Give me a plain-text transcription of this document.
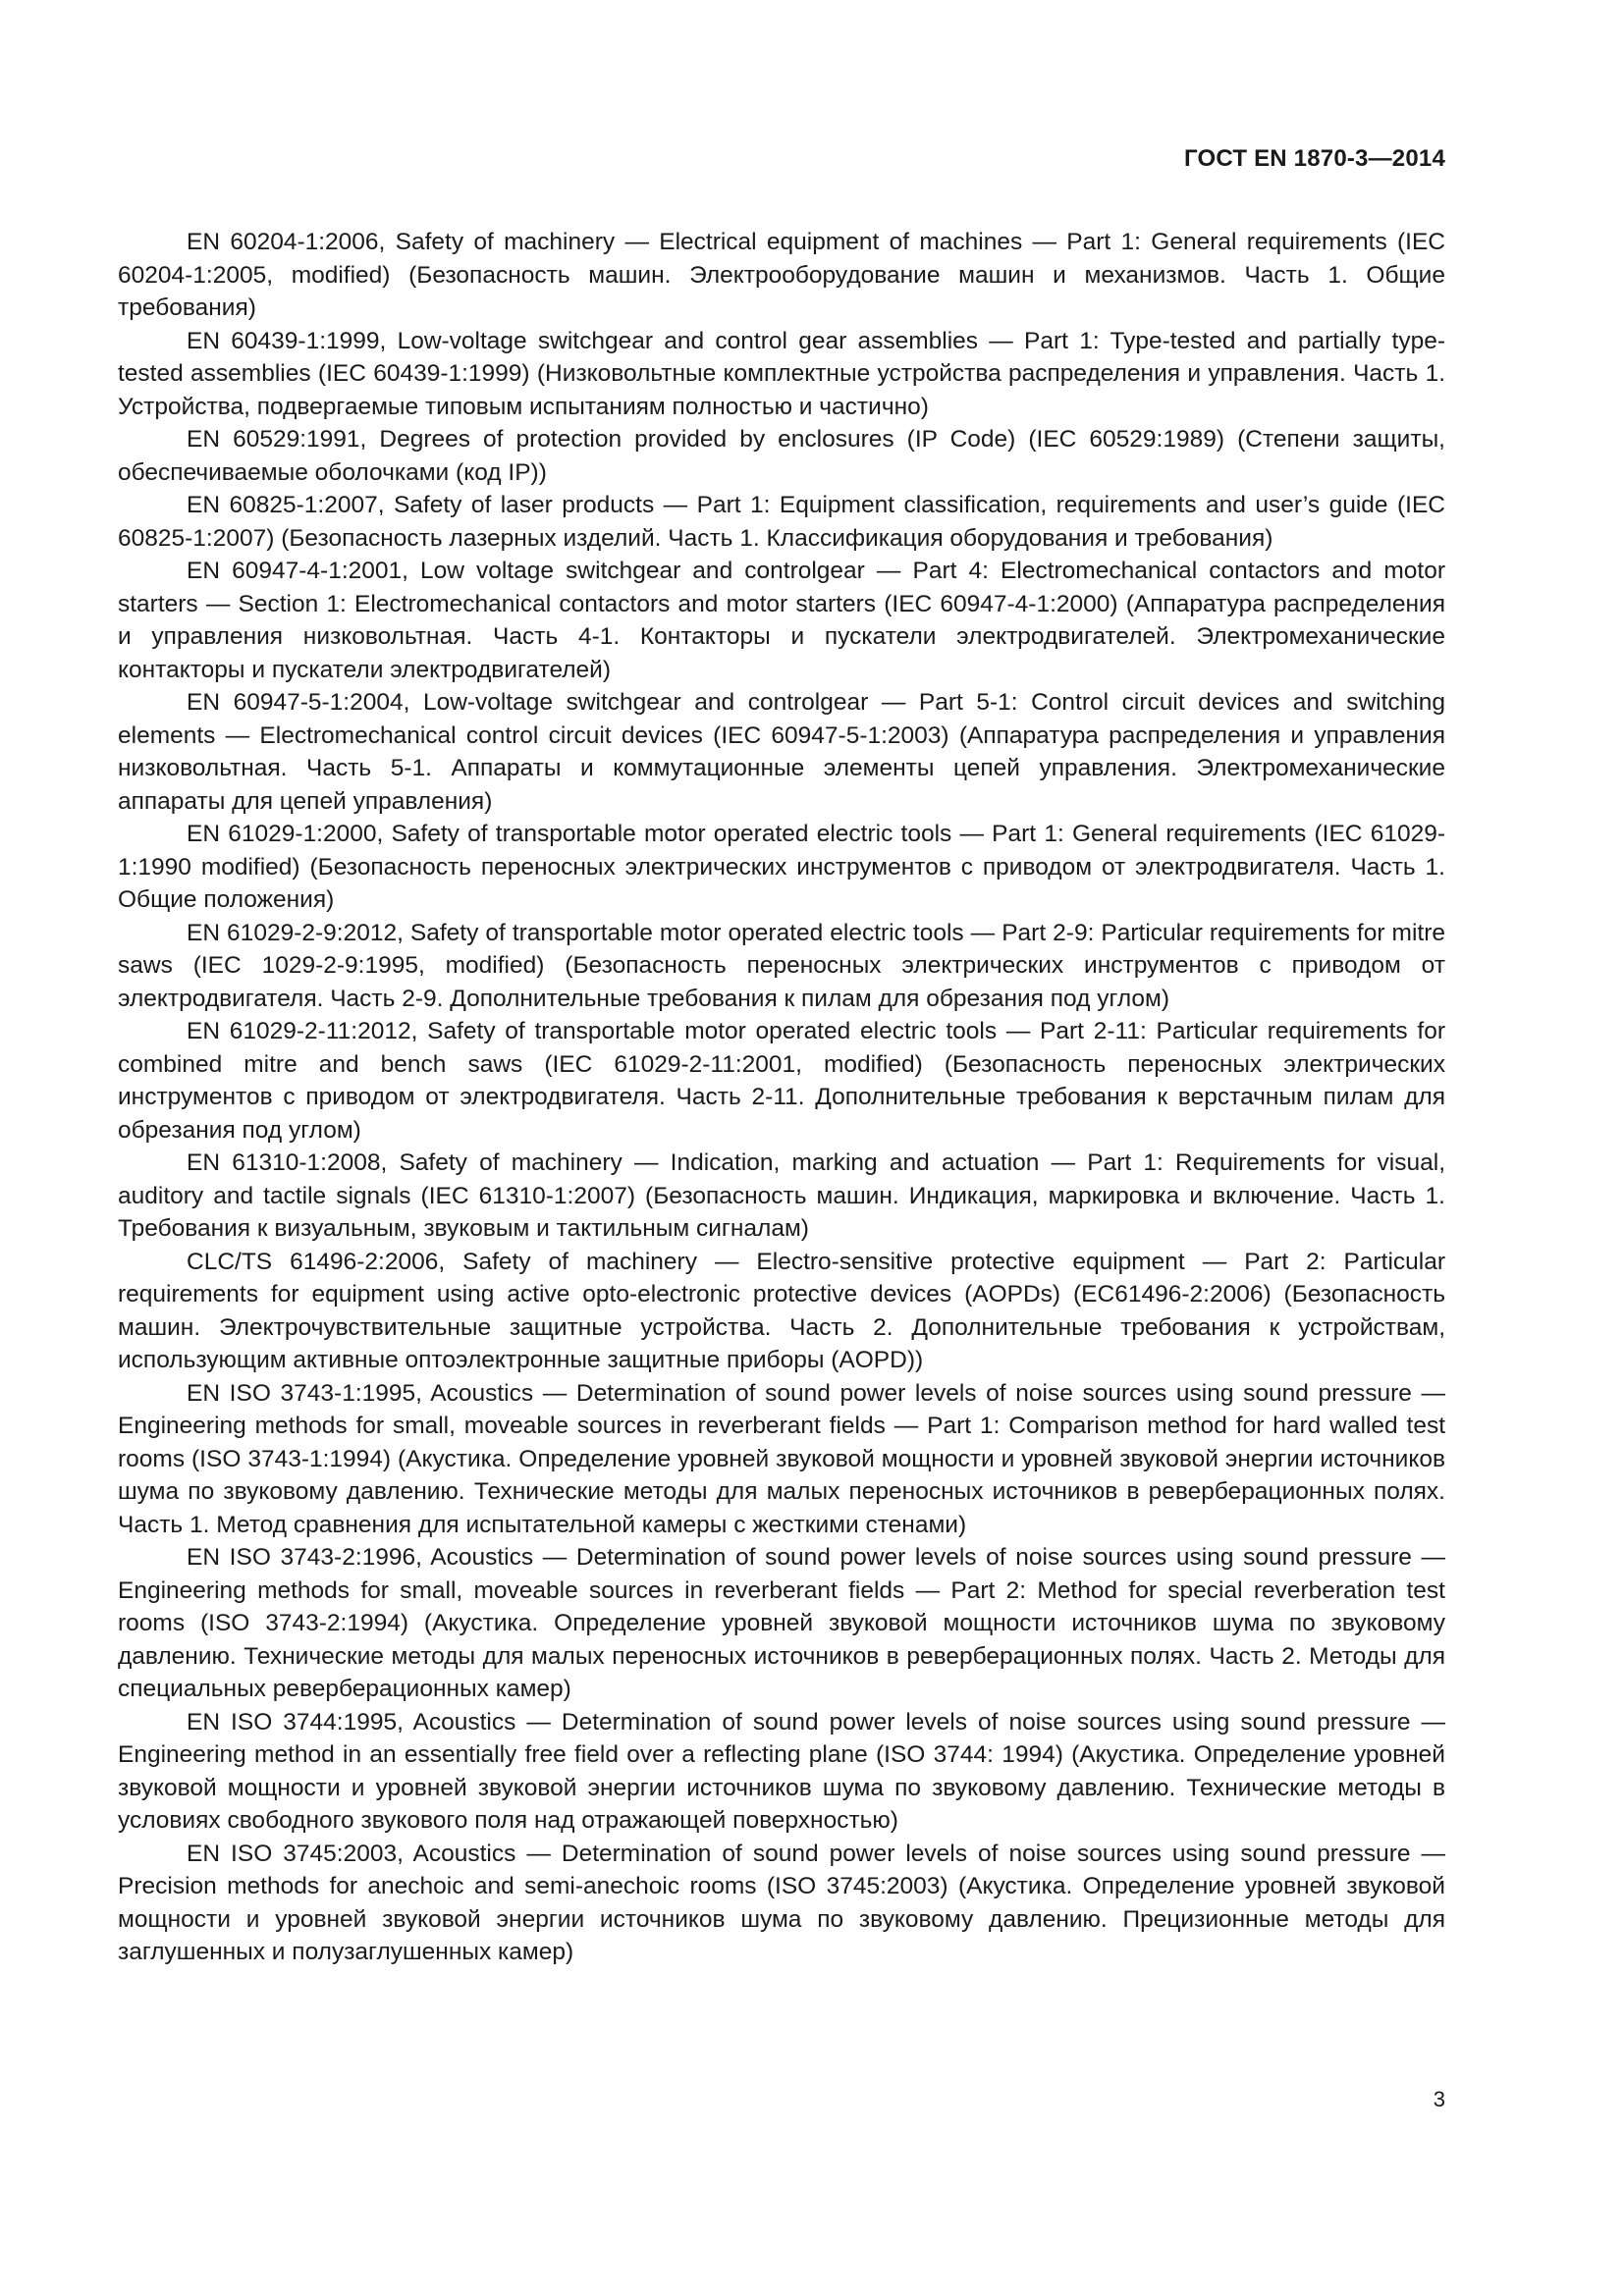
ГОСТ EN 1870-3—2014

EN 60204-1:2006, Safety of machinery — Electrical equipment of machines — Part 1: General requirements (IEC 60204-1:2005, modified) (Безопасность машин. Электрооборудование машин и механизмов. Часть 1. Общие требования)

EN 60439-1:1999, Low-voltage switchgear and control gear assemblies — Part 1: Type-tested and partially type-tested assemblies (IEC 60439-1:1999) (Низковольтные комплектные устройства распределения и управления. Часть 1. Устройства, подвергаемые типовым испытаниям полностью и частично)

EN 60529:1991, Degrees of protection provided by enclosures (IP Code) (IEC 60529:1989) (Степени защиты, обеспечиваемые оболочками (код IP))

EN 60825-1:2007, Safety of laser products — Part 1: Equipment classification, requirements and user’s guide (IEC 60825-1:2007) (Безопасность лазерных изделий. Часть 1. Классификация оборудования и требования)

EN 60947-4-1:2001, Low voltage switchgear and controlgear — Part 4: Electromechanical contactors and motor starters — Section 1: Electromechanical contactors and motor starters (IEC 60947-4-1:2000) (Аппаратура распределения и управления низковольтная. Часть 4-1. Контакторы и пускатели электродвигателей. Электромеханические контакторы и пускатели электродвигателей)

EN 60947-5-1:2004, Low-voltage switchgear and controlgear — Part 5-1: Control circuit devices and switching elements — Electromechanical control circuit devices (IEC 60947-5-1:2003) (Аппаратура распределения и управления низковольтная. Часть 5-1. Аппараты и коммутационные элементы цепей управления. Электромеханические аппараты для цепей управления)

EN 61029-1:2000, Safety of transportable motor operated electric tools — Part 1: General requirements (IEC 61029-1:1990 modified) (Безопасность переносных электрических инструментов с приводом от электродвигателя. Часть 1. Общие положения)

EN 61029-2-9:2012, Safety of transportable motor operated electric tools — Part 2-9: Particular requirements for mitre saws (IEC 1029-2-9:1995, modified) (Безопасность переносных электрических инструментов с приводом от электродвигателя. Часть 2-9. Дополнительные требования к пилам для обрезания под углом)

EN 61029-2-11:2012, Safety of transportable motor operated electric tools — Part 2-11: Particular requirements for combined mitre and bench saws (IEC 61029-2-11:2001, modified) (Безопасность переносных электрических инструментов с приводом от электродвигателя. Часть 2-11. Дополнительные требования к верстачным пилам для обрезания под углом)

EN 61310-1:2008, Safety of machinery — Indication, marking and actuation — Part 1: Requirements for visual, auditory and tactile signals (IEC 61310-1:2007) (Безопасность машин. Индикация, маркировка и включение. Часть 1. Требования к визуальным, звуковым и тактильным сигналам)

CLC/TS 61496-2:2006, Safety of machinery — Electro-sensitive protective equipment — Part 2: Particular requirements for equipment using active opto-electronic protective devices (AOPDs) (EC61496-2:2006) (Безопасность машин. Электрочувствительные защитные устройства. Часть 2. Дополнительные требования к устройствам, использующим активные оптоэлектронные защитные приборы (AOPD))

EN ISO 3743-1:1995, Acoustics — Determination of sound power levels of noise sources using sound pressure — Engineering methods for small, moveable sources in reverberant fields — Part 1: Comparison method for hard walled test rooms (ISO 3743-1:1994) (Акустика. Определение уровней звуковой мощности и уровней звуковой энергии источников шума по звуковому давлению. Технические методы для малых переносных источников в реверберационных полях. Часть 1. Метод сравнения для испытательной камеры с жесткими стенами)

EN ISO 3743-2:1996, Acoustics — Determination of sound power levels of noise sources using sound pressure — Engineering methods for small, moveable sources in reverberant fields — Part 2: Method for special reverberation test rooms (ISO 3743-2:1994) (Акустика. Определение уровней звуковой мощности источников шума по звуковому давлению. Технические методы для малых переносных источников в реверберационных полях. Часть 2. Методы для специальных реверберационных камер)

EN ISO 3744:1995, Acoustics — Determination of sound power levels of noise sources using sound pressure — Engineering method in an essentially free field over a reflecting plane (ISO 3744: 1994) (Акустика. Определение уровней звуковой мощности и уровней звуковой энергии источников шума по звуковому давлению. Технические методы в условиях свободного звукового поля над отражающей поверхностью)

EN ISO 3745:2003, Acoustics — Determination of sound power levels of noise sources using sound pressure — Precision methods for anechoic and semi-anechoic rooms (ISO 3745:2003) (Акустика. Определение уровней звуковой мощности и уровней звуковой энергии источников шума по звуковому давлению. Прецизионные методы для заглушенных и полузаглушенных камер)

3
